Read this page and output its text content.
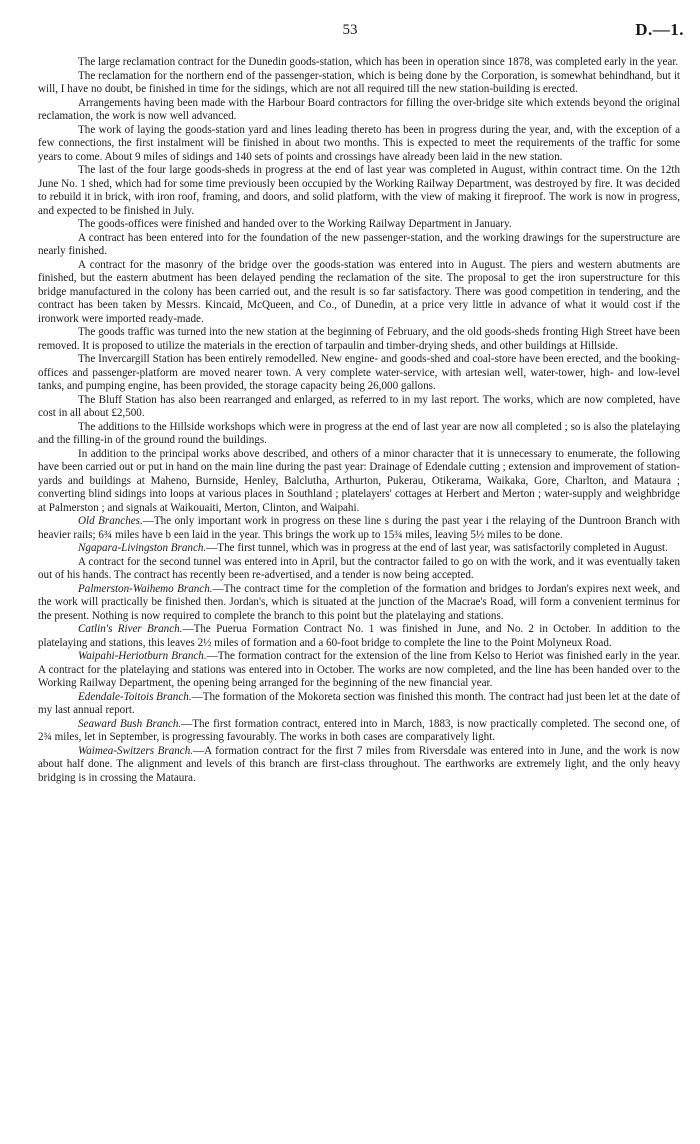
53	D.—1.

The large reclamation contract for the Dunedin goods-station, which has been in operation since 1878, was completed early in the year.

The reclamation for the northern end of the passenger-station, which is being done by the Corporation, is somewhat behindhand, but it will, I have no doubt, be finished in time for the sidings, which are not all required till the new station-building is erected.

Arrangements having been made with the Harbour Board contractors for filling the over-bridge site which extends beyond the original reclamation, the work is now well advanced.

The work of laying the goods-station yard and lines leading thereto has been in progress during the year, and, with the exception of a few connections, the first instalment will be finished in about two months. This is expected to meet the requirements of the traffic for some years to come. About 9 miles of sidings and 140 sets of points and crossings have already been laid in the new station.

The last of the four large goods-sheds in progress at the end of last year was completed in August, within contract time. On the 12th June No. 1 shed, which had for some time previously been occupied by the Working Railway Department, was destroyed by fire. It was decided to rebuild it in brick, with iron roof, framing, and doors, and solid platform, with the view of making it fireproof. The work is now in progress, and expected to be finished in July.

The goods-offices were finished and handed over to the Working Railway Department in January.

A contract has been entered into for the foundation of the new passenger-station, and the working drawings for the superstructure are nearly finished.

A contract for the masonry of the bridge over the goods-station was entered into in August. The piers and western abutments are finished, but the eastern abutment has been delayed pending the reclamation of the site. The proposal to get the iron superstructure for this bridge manufactured in the colony has been carried out, and the result is so far satisfactory. There was good competition in tendering, and the contract has been taken by Messrs. Kincaid, McQueen, and Co., of Dunedin, at a price very little in advance of what it would cost if the ironwork were imported ready-made.

The goods traffic was turned into the new station at the beginning of February, and the old goods-sheds fronting High Street have been removed. It is proposed to utilize the materials in the erection of tarpaulin and timber-drying sheds, and other buildings at Hillside.

The Invercargill Station has been entirely remodelled. New engine- and goods-shed and coal-store have been erected, and the booking-offices and passenger-platform are moved nearer town. A very complete water-service, with artesian well, water-tower, high- and low-level tanks, and pumping engine, has been provided, the storage capacity being 26,000 gallons.

The Bluff Station has also been rearranged and enlarged, as referred to in my last report. The works, which are now completed, have cost in all about £2,500.

The additions to the Hillside workshops which were in progress at the end of last year are now all completed ; so is also the platelaying and the filling-in of the ground round the buildings.

In addition to the principal works above described, and others of a minor character that it is unnecessary to enumerate, the following have been carried out or put in hand on the main line during the past year: Drainage of Edendale cutting ; extension and improvement of station-yards and buildings at Maheno, Burnside, Henley, Balclutha, Arthurton, Pukerau, Otikerama, Waikaka, Gore, Charlton, and Mataura ; converting blind sidings into loops at various places in Southland ; platelayers' cottages at Herbert and Merton ; water-supply and weighbridge at Palmerston ; and signals at Waikouaiti, Merton, Clinton, and Waipahi.

Old Branches.—The only important work in progress on these line s during the past year i the relaying of the Duntroon Branch with heavier rails; 6¾ miles have b een laid in the year. This brings the work up to 15¾ miles, leaving 5½ miles to be done.

Ngapara-Livingston Branch.—The first tunnel, which was in progress at the end of last year, was satisfactorily completed in August.

A contract for the second tunnel was entered into in April, but the contractor failed to go on with the work, and it was eventually taken out of his hands. The contract has recently been re-advertised, and a tender is now being accepted.

Palmerston-Waihemo Branch.—The contract time for the completion of the formation and bridges to Jordan's expires next week, and the work will practically be finished then. Jordan's, which is situated at the junction of the Macrae's Road, will form a convenient terminus for the present. Nothing is now required to complete the branch to this point but the platelaying and stations.

Catlin's River Branch.—The Puerua Formation Contract No. 1 was finished in June, and No. 2 in October. In addition to the platelaying and stations, this leaves 2½ miles of formation and a 60-foot bridge to complete the line to the Point Molyneux Road.

Waipahi-Heriotburn Branch.—The formation contract for the extension of the line from Kelso to Heriot was finished early in the year. A contract for the platelaying and stations was entered into in October. The works are now completed, and the line has been handed over to the Working Railway Department, the opening being arranged for the beginning of the new financial year.

Edendale-Toitois Branch.—The formation of the Mokoreta section was finished this month. The contract had just been let at the date of my last annual report.

Seaward Bush Branch.—The first formation contract, entered into in March, 1883, is now practically completed. The second one, of 2¾ miles, let in September, is progressing favourably. The works in both cases are comparatively light.

Waimea-Switzers Branch.—A formation contract for the first 7 miles from Riversdale was entered into in June, and the work is now about half done. The alignment and levels of this branch are first-class throughout. The earthworks are extremely light, and the only heavy bridging is in crossing the Mataura.
